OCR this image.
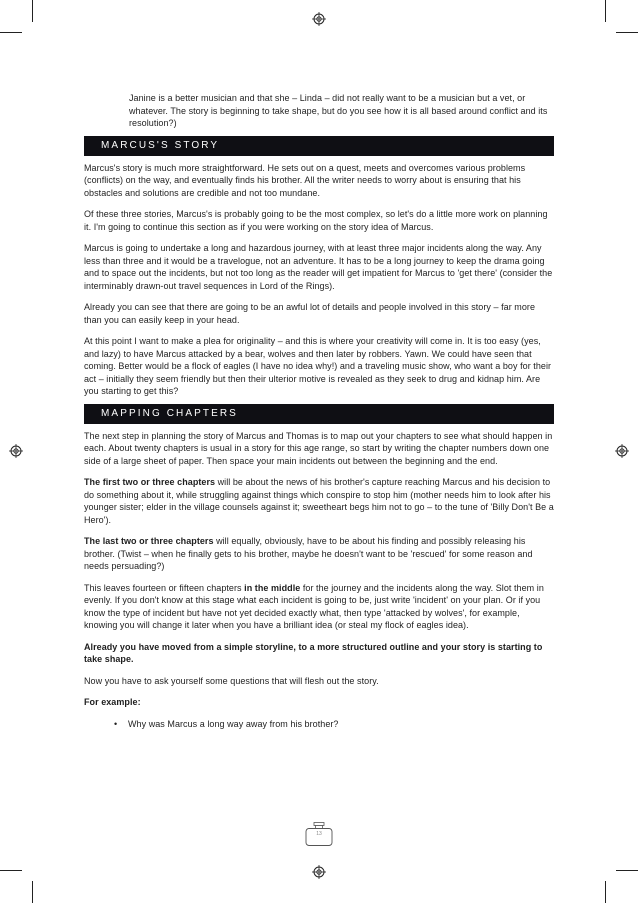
Janine is a better musician and that she – Linda – did not really want to be a musician but a vet, or whatever. The story is beginning to take shape, but do you see how it is all based around conflict and its resolution?)

MARCUS'S STORY

Marcus's story is much more straightforward. He sets out on a quest, meets and overcomes various problems (conflicts) on the way, and eventually finds his brother. All the writer needs to worry about is ensuring that his obstacles and solutions are credible and not too mundane.

Of these three stories, Marcus's is probably going to be the most complex, so let's do a little more work on planning it. I'm going to continue this section as if you were working on the story idea of Marcus.

Marcus is going to undertake a long and hazardous journey, with at least three major incidents along the way. Any less than three and it would be a travelogue, not an adventure. It has to be a long journey to keep the drama going and to space out the incidents, but not too long as the reader will get impatient for Marcus to 'get there' (consider the interminably drawn-out travel sequences in Lord of the Rings).

Already you can see that there are going to be an awful lot of details and people involved in this story – far more than you can easily keep in your head.

At this point I want to make a plea for originality – and this is where your creativity will come in. It is too easy (yes, and lazy) to have Marcus attacked by a bear, wolves and then later by robbers. Yawn. We could have seen that coming. Better would be a flock of eagles (I have no idea why!) and a traveling music show, who want a boy for their act – initially they seem friendly but then their ulterior motive is revealed as they seek to drug and kidnap him. Are you starting to get this?

MAPPING CHAPTERS

The next step in planning the story of Marcus and Thomas is to map out your chapters to see what should happen in each. About twenty chapters is usual in a story for this age range, so start by writing the chapter numbers down one side of a large sheet of paper. Then space your main incidents out between the beginning and the end.

The first two or three chapters will be about the news of his brother's capture reaching Marcus and his decision to do something about it, while struggling against things which conspire to stop him (mother needs him to look after his younger sister; elder in the village counsels against it; sweetheart begs him not to go – to the tune of 'Billy Don't Be a Hero').

The last two or three chapters will equally, obviously, have to be about his finding and possibly releasing his brother. (Twist – when he finally gets to his brother, maybe he doesn't want to be 'rescued' for some reason and needs persuading?)

This leaves fourteen or fifteen chapters in the middle for the journey and the incidents along the way. Slot them in evenly. If you don't know at this stage what each incident is going to be, just write 'incident' on your plan. Or if you know the type of incident but have not yet decided exactly what, then type 'attacked by wolves', for example, knowing you will change it later when you have a brilliant idea (or steal my flock of eagles idea).

Already you have moved from a simple storyline, to a more structured outline and your story is starting to take shape.

Now you have to ask yourself some questions that will flesh out the story.

For example:

•	Why was Marcus a long way away from his brother?

13
